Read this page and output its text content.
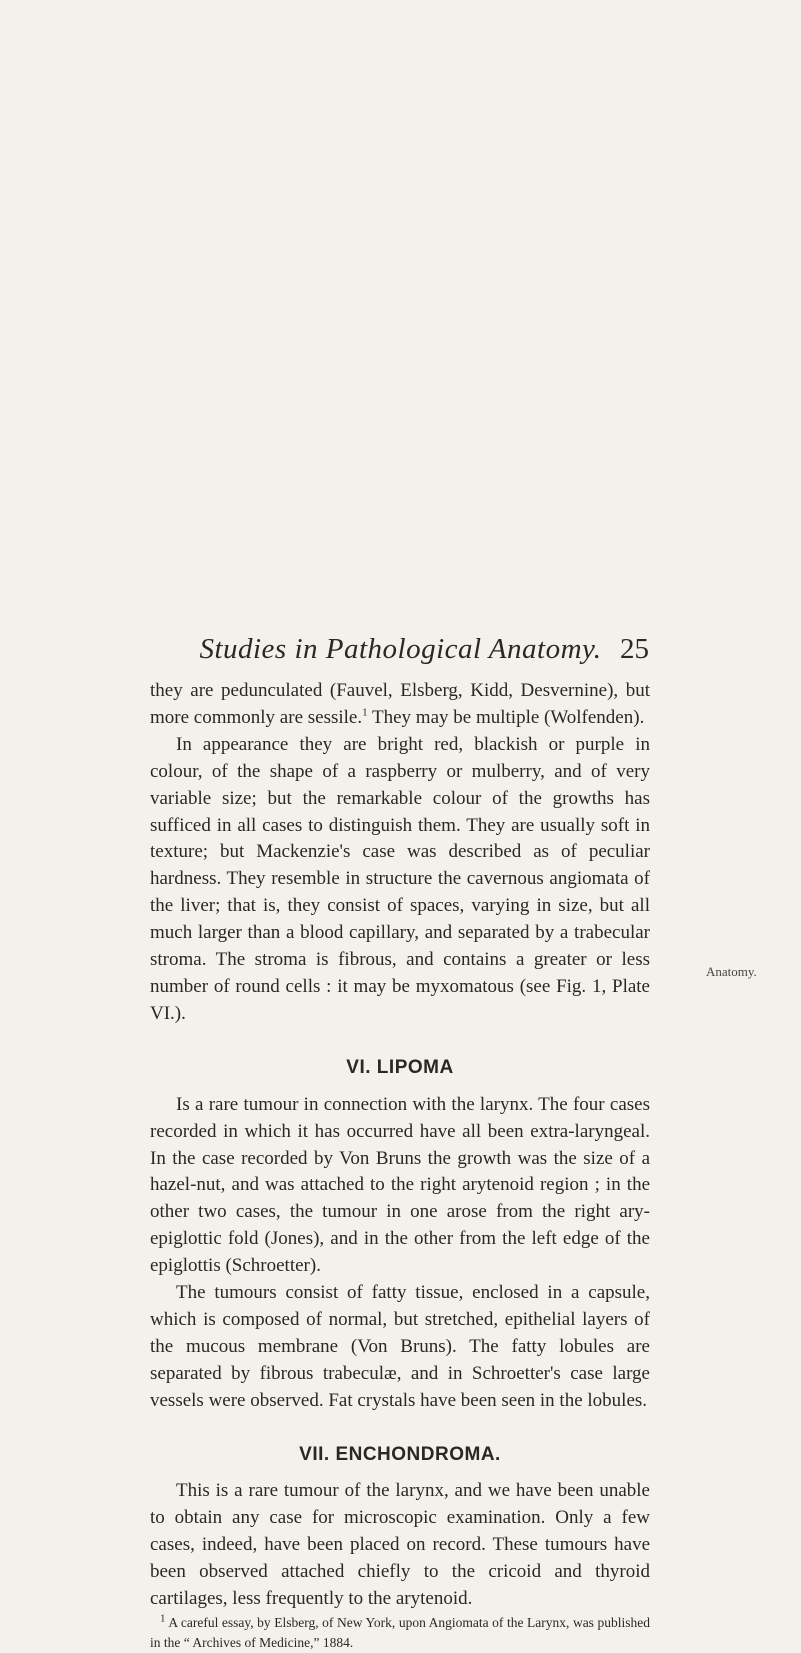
Studies in Pathological Anatomy. 25
Anatomy.

they are pedunculated (Fauvel, Elsberg, Kidd, Desvernine), but more commonly are sessile.$^1$ They may be multiple (Wolfenden).

In appearance they are bright red, blackish or purple in colour, of the shape of a raspberry or mulberry, and of very variable size; but the remarkable colour of the growths has sufficed in all cases to distinguish them. They are usually soft in texture; but Mackenzie's case was described as of peculiar hardness. They resemble in structure the cavernous angiomata of the liver; that is, they consist of spaces, varying in size, but all much larger than a blood capillary, and separated by a trabecular stroma. The stroma is fibrous, and contains a greater or less number of round cells : it may be myxomatous (see Fig. 1, Plate VI.).

VI. LIPOMA

Is a rare tumour in connection with the larynx. The four cases recorded in which it has occurred have all been extra-laryngeal. In the case recorded by Von Bruns the growth was the size of a hazel-nut, and was attached to the right arytenoid region ; in the other two cases, the tumour in one arose from the right ary-epiglottic fold (Jones), and in the other from the left edge of the epiglottis (Schroetter).

The tumours consist of fatty tissue, enclosed in a capsule, which is composed of normal, but stretched, epithelial layers of the mucous membrane (Von Bruns). The fatty lobules are separated by fibrous trabeculæ, and in Schroetter's case large vessels were observed. Fat crystals have been seen in the lobules.

VII. ENCHONDROMA.

This is a rare tumour of the larynx, and we have been unable to obtain any case for microscopic examination. Only a few cases, indeed, have been placed on record. These tumours have been observed attached chiefly to the cricoid and thyroid cartilages, less frequently to the arytenoid.

$^1$ A careful essay, by Elsberg, of New York, upon Angiomata of the Larynx, was published in the “ Archives of Medicine,” 1884.
